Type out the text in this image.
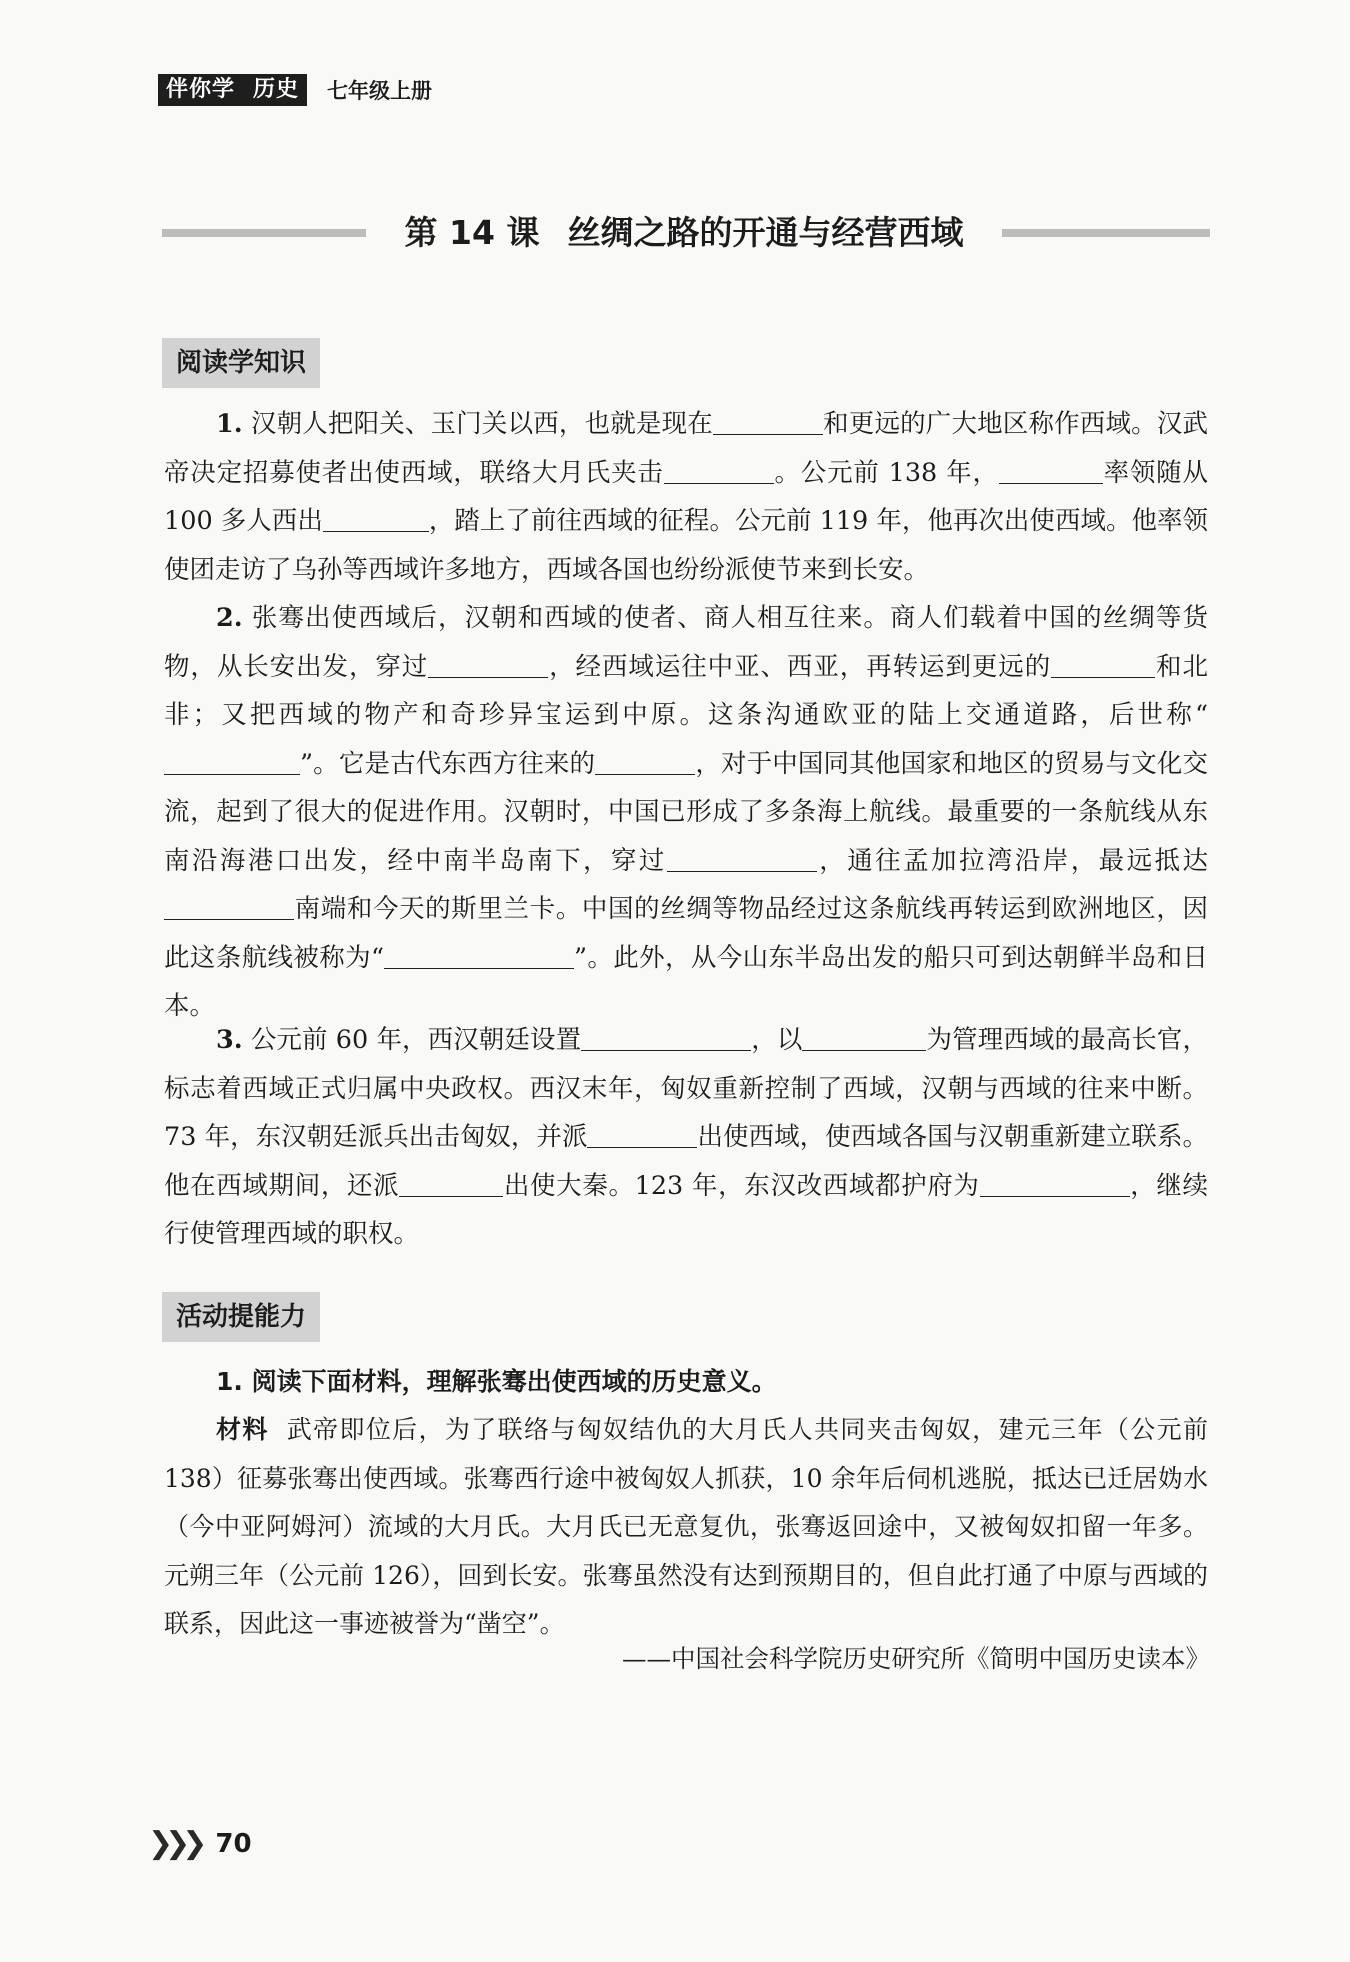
伴你学 历史	七年级上册
第 14 课 丝绸之路的开通与经营西域
阅读学知识

1. 汉朝人把阳关、玉门关以西，也就是现在	和更远的广大地区称作西域。汉武帝决定招募使者出使西域，联络大月氏夹击	。公元前 138 年，	率领随从 100 多人西出	，踏上了前往西域的征程。公元前 119 年，他再次出使西域。他率领使团走访了乌孙等西域许多地方，西域各国也纷纷派使节来到长安。

2. 张骞出使西域后，汉朝和西域的使者、商人相互往来。商人们载着中国的丝绸等货物，从长安出发，穿过	，经西域运往中亚、西亚，再转运到更远的	和北非；又把西域的物产和奇珍异宝运到中原。这条沟通欧亚的陆上交通道路，后世称“”。它是古代东西方往来的	，对于中国同其他国家和地区的贸易与文化交流，起到了很大的促进作用。汉朝时，中国已形成了多条海上航线。最重要的一条航线从东南沿海港口出发，经中南半岛南下，穿过	，通往孟加拉湾沿岸，最远抵达南端和今天的斯里兰卡。中国的丝绸等物品经过这条航线再转运到欧洲地区，因此这条航线被称为“	”。此外，从今山东半岛出发的船只可到达朝鲜半岛和日本。

3. 公元前 60 年，西汉朝廷设置	，以	为管理西域的最高长官，标志着西域正式归属中央政权。西汉末年，匈奴重新控制了西域，汉朝与西域的往来中断。73 年，东汉朝廷派兵出击匈奴，并派	出使西域，使西域各国与汉朝重新建立联系。他在西域期间，还派	出使大秦。123 年，东汉改西域都护府为	，继续行使管理西域的职权。

活动提能力

1. 阅读下面材料，理解张骞出使西域的历史意义。

材料 武帝即位后，为了联络与匈奴结仇的大月氏人共同夹击匈奴，建元三年（公元前 138）征募张骞出使西域。张骞西行途中被匈奴人抓获，10 余年后伺机逃脱，抵达已迁居妫水（今中亚阿姆河）流域的大月氏。大月氏已无意复仇，张骞返回途中，又被匈奴扣留一年多。元朔三年（公元前 126），回到长安。张骞虽然没有达到预期目的，但自此打通了中原与西域的联系，因此这一事迹被誉为“凿空”。

——中国社会科学院历史研究所《简明中国历史读本》
❯❯❯ 70
